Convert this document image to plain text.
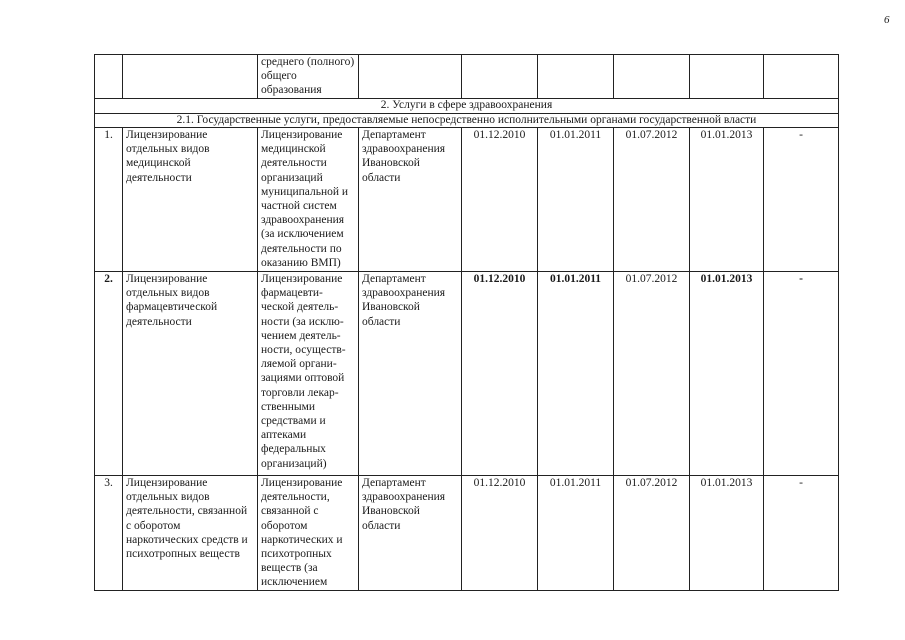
6
		среднего (полного) общего образования						
2. Услуги в сфере здравоохранения								
2.1. Государственные услуги, предоставляемые непосредственно исполнительными органами государственной власти								
1.	Лицензирование отдельных видов медицинской деятельности	Лицензирование медицинской деятельности организаций муниципальной и частной систем здравоохранения (за исключением деятельности по оказанию ВМП)	Департамент здравоохранения Ивановской области	01.12.2010	01.01.2011	01.07.2012	01.01.2013	-
2.	Лицензирование отдельных видов фармацевтической деятельности	Лицензирование фармацевти-ческой деятель-ности (за исклю-чением деятель-ности, осуществ-ляемой органи-зациями оптовой торговли лекар-ственными средствами и аптеками федеральных организаций)	Департамент здравоохранения Ивановской области	01.12.2010	01.01.2011	01.07.2012	01.01.2013	-
3.	Лицензирование отдельных видов деятельности, связанной с оборотом наркотических средств и психотропных веществ	Лицензирование деятельности, связанной с оборотом наркотических и психотропных веществ (за исключением	Департамент здравоохранения Ивановской области	01.12.2010	01.01.2011	01.07.2012	01.01.2013	-
